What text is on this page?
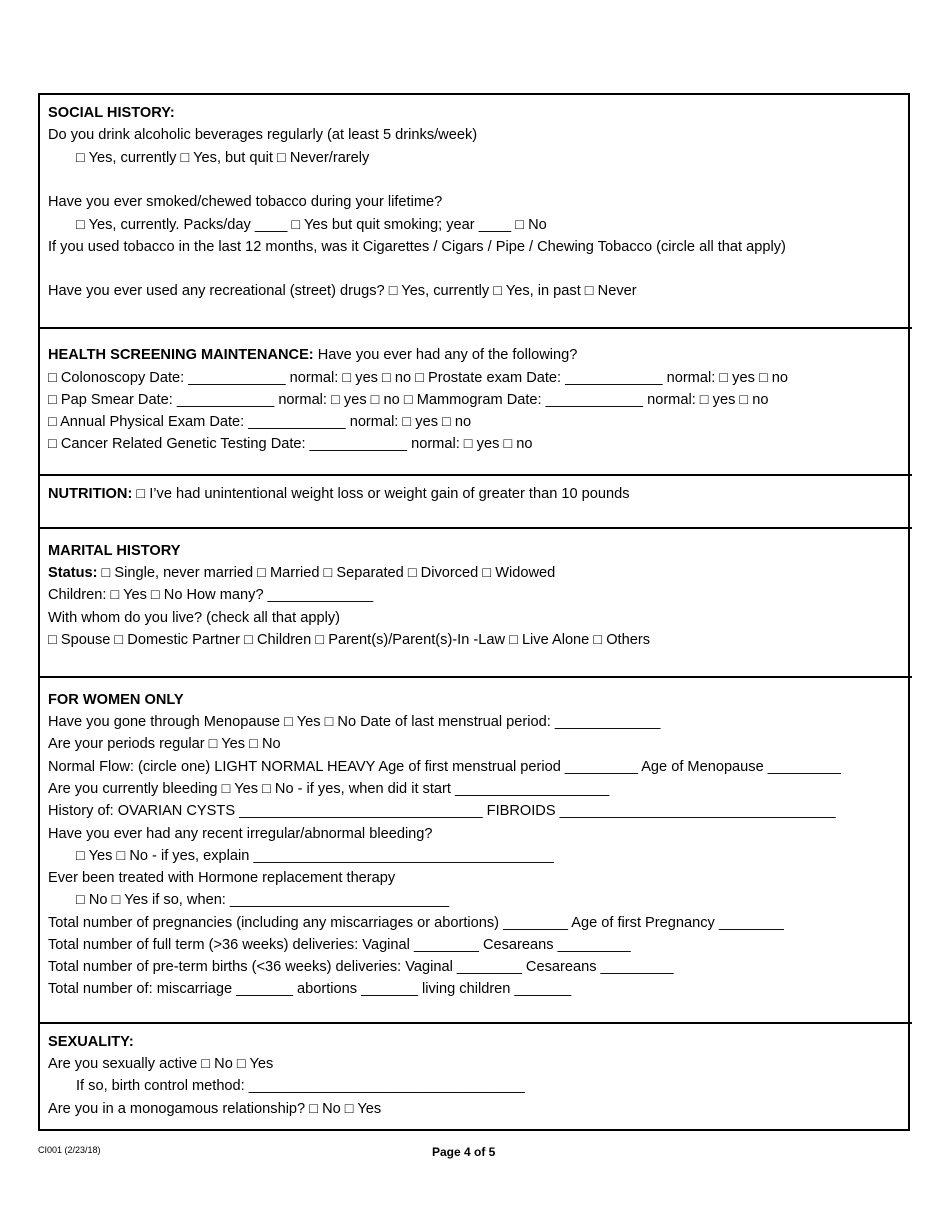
SOCIAL HISTORY:
Do you drink alcoholic beverages regularly (at least 5 drinks/week)
□ Yes, currently □ Yes, but quit □ Never/rarely
Have you ever smoked/chewed tobacco during your lifetime?
□ Yes, currently. Packs/day ____ □ Yes but quit smoking; year ____ □ No
If you used tobacco in the last 12 months, was it Cigarettes / Cigars / Pipe / Chewing Tobacco (circle all that apply)
Have you ever used any recreational (street) drugs? □ Yes, currently □ Yes, in past □ Never
HEALTH SCREENING MAINTENANCE: Have you ever had any of the following?
□ Colonoscopy Date: ____________ normal: □ yes □ no □ Prostate exam Date: ____________ normal: □ yes □ no
□ Pap Smear Date: ____________ normal: □ yes □ no □ Mammogram Date: ____________ normal: □ yes □ no
□ Annual Physical Exam Date: ____________ normal: □ yes □ no
□ Cancer Related Genetic Testing Date: ____________ normal: □ yes □ no
NUTRITION: □ I’ve had unintentional weight loss or weight gain of greater than 10 pounds
MARITAL HISTORY
Status: □ Single, never married □ Married □ Separated □ Divorced □ Widowed
Children: □ Yes □ No How many? _____________
With whom do you live? (check all that apply)
□ Spouse □ Domestic Partner □ Children □ Parent(s)/Parent(s)-In -Law □ Live Alone □ Others
FOR WOMEN ONLY
Have you gone through Menopause □ Yes □ No Date of last menstrual period: _____________
Are your periods regular □ Yes □ No
Normal Flow: (circle one) LIGHT NORMAL HEAVY Age of first menstrual period _________ Age of Menopause _________
Are you currently bleeding □ Yes □ No - if yes, when did it start ___________________
History of: OVARIAN CYSTS ______________________________ FIBROIDS __________________________________
Have you ever had any recent irregular/abnormal bleeding?
□ Yes □ No - if yes, explain _____________________________________
Ever been treated with Hormone replacement therapy
□ No □ Yes if so, when: ___________________________
Total number of pregnancies (including any miscarriages or abortions) ________ Age of first Pregnancy ________
Total number of full term (>36 weeks) deliveries: Vaginal ________ Cesareans _________
Total number of pre-term births (<36 weeks) deliveries: Vaginal ________ Cesareans _________
Total number of: miscarriage _______ abortions _______ living children _______
SEXUALITY:
Are you sexually active □ No □ Yes
If so, birth control method: __________________________________
Are you in a monogamous relationship? □ No □ Yes
CI001 (2/23/18)	Page 4 of 5
